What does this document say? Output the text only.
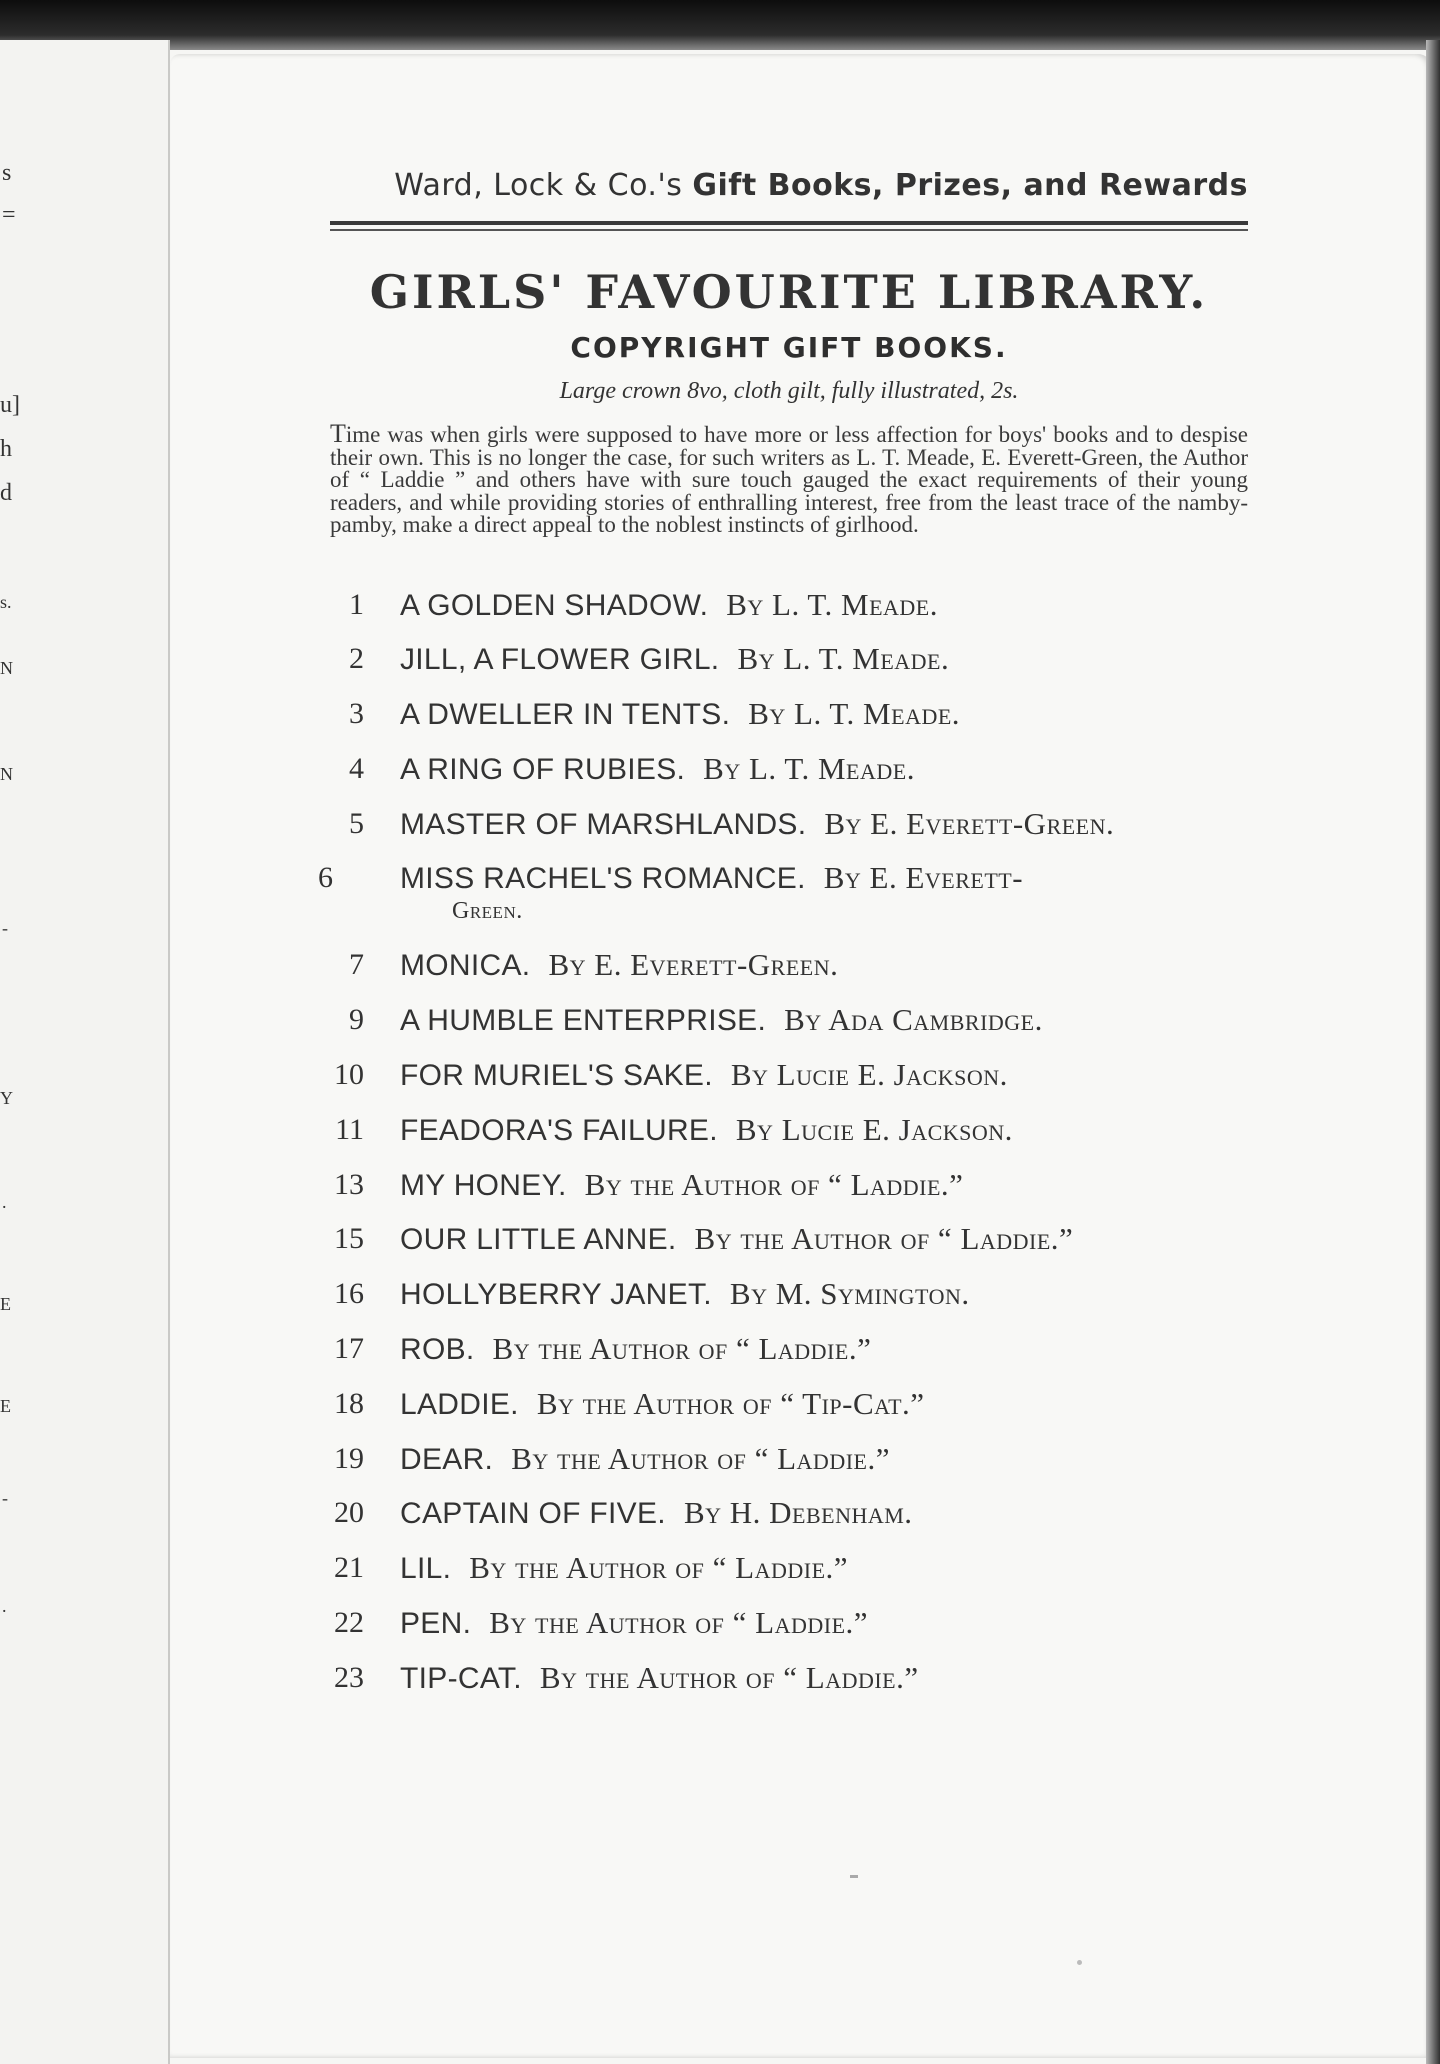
s
=
u]
h
d
s.
N
N
-
Y
.
E
E
-
.
Ward, Lock & Co.'s Gift Books, Prizes, and Rewards
GIRLS' FAVOURITE LIBRARY.
COPYRIGHT GIFT BOOKS.
Large crown 8vo, cloth gilt, fully illustrated, 2s.
Time was when girls were supposed to have more or less affection for boys' books and to despise their own. This is no longer the case, for such writers as L. T. Meade, E. Everett-Green, the Author of “ Laddie ” and others have with sure touch gauged the exact requirements of their young readers, and while providing stories of enthralling interest, free from the least trace of the namby-pamby, make a direct appeal to the noblest instincts of girlhood.
1 A GOLDEN SHADOW. By L. T. Meade.
2 JILL, A FLOWER GIRL. By L. T. Meade.
3 A DWELLER IN TENTS. By L. T. Meade.
4 A RING OF RUBIES. By L. T. Meade.
5 MASTER OF MARSHLANDS. By E. Everett-Green.
6	MISS RACHEL'S ROMANCE. By E. Everett-
Green.
7 MONICA. By E. Everett-Green.
9 A HUMBLE ENTERPRISE. By Ada Cambridge.
10 FOR MURIEL'S SAKE. By Lucie E. Jackson.
11 FEADORA'S FAILURE. By Lucie E. Jackson.
13 MY HONEY. By the Author of “ Laddie.”
15 OUR LITTLE ANNE. By the Author of “ Laddie.”
16 HOLLYBERRY JANET. By M. Symington.
17 ROB. By the Author of “ Laddie.”
18 LADDIE. By the Author of “ Tip-Cat.”
19 DEAR. By the Author of “ Laddie.”
20 CAPTAIN OF FIVE. By H. Debenham.
21 LIL. By the Author of “ Laddie.”
22 PEN. By the Author of “ Laddie.”
23 TIP-CAT. By the Author of “ Laddie.”
